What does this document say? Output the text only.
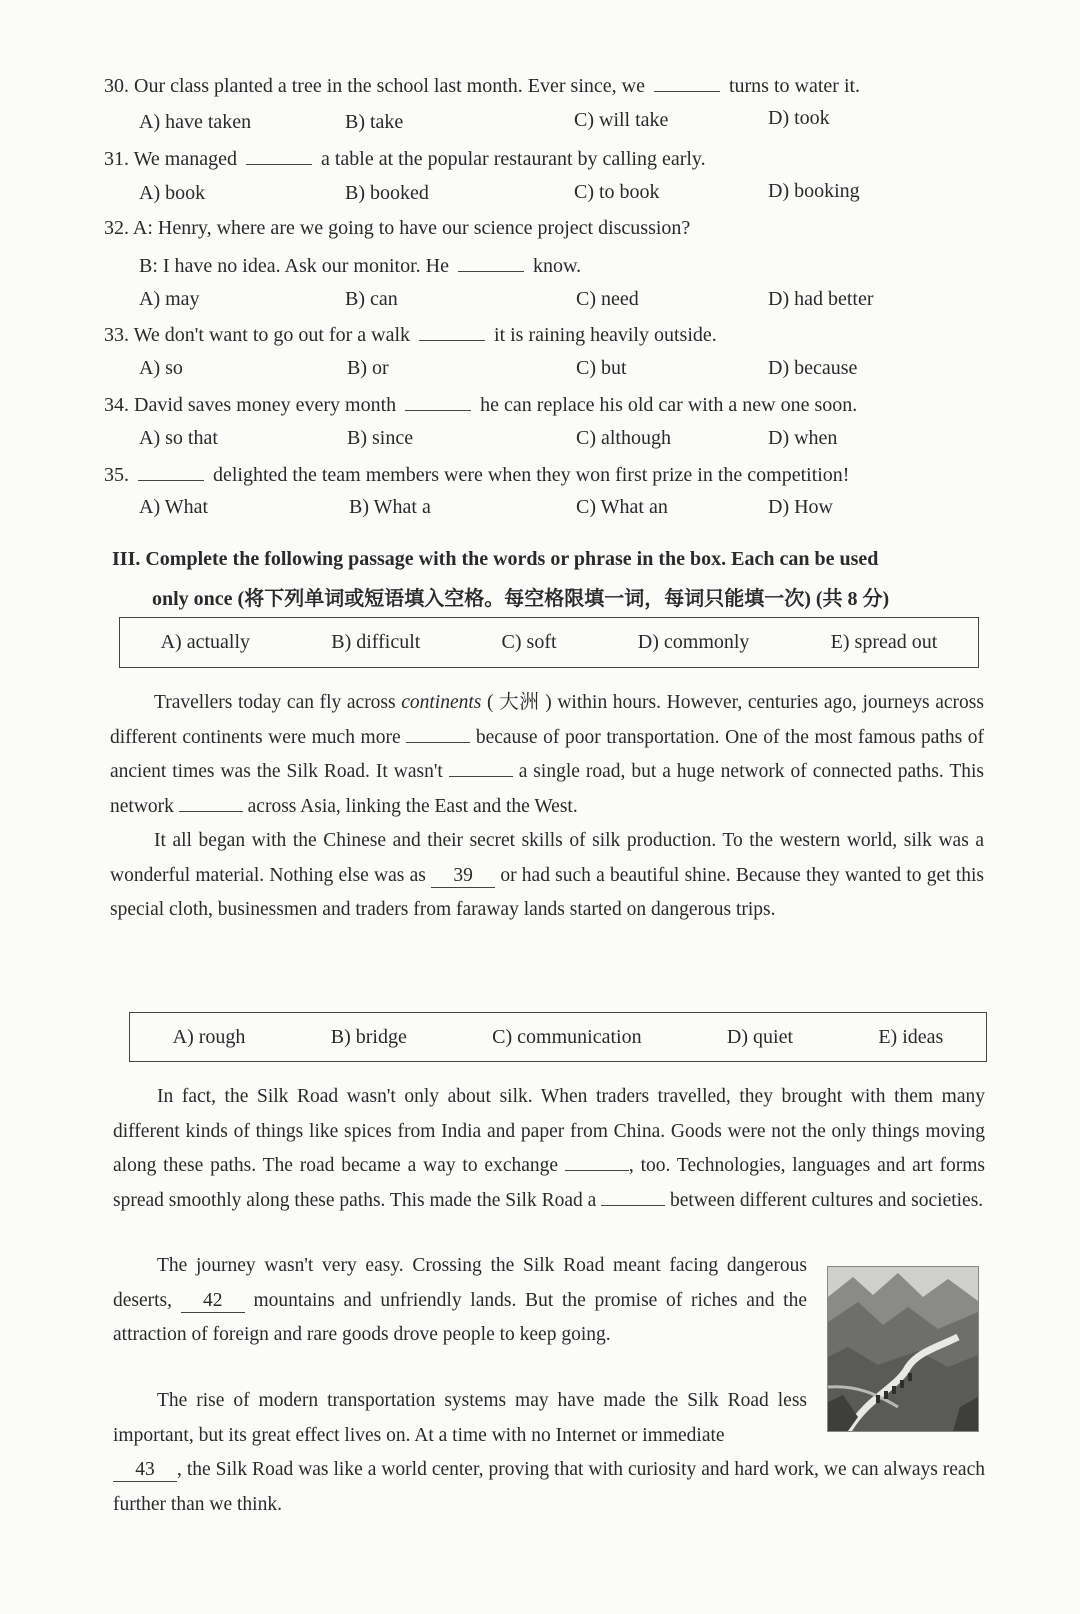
30. Our class planted a tree in the school last month. Ever since, we	turns to water it.
A) have taken	B) take	C) will take	D) took
31. We managed	a table at the popular restaurant by calling early.
A) book	B) booked	C) to book	D) booking
32. A: Henry, where are we going to have our science project discussion?
B: I have no idea. Ask our monitor. He	know.
A) may	B) can	C) need	D) had better
33. We don't want to go out for a walk	it is raining heavily outside.
A) so	B) or	C) but	D) because
34. David saves money every month	he can replace his old car with a new one soon.
A) so that	B) since	C) although	D) when
35.	delighted the team members were when they won first prize in the competition!
A) What	B) What a	C) What an	D) How
III. Complete the following passage with the words or phrase in the box. Each can be used
only once (将下列单词或短语填入空格。每空格限填一词，每词只能填一次) (共 8 分)
A) actually	B) difficult	C) soft	D) commonly	E) spread out

Travellers today can fly across continents ( 大洲 ) within hours. However, centuries ago, journeys across different continents were much more	because of poor transportation. One of the most famous paths of ancient times was the Silk Road. It wasn't	a single road, but a huge network of connected paths. This network	across Asia, linking the East and the West.

It all began with the Chinese and their secret skills of silk production. To the western world, silk was a wonderful material. Nothing else was as 39 or had such a beautiful shine. Because they wanted to get this special cloth, businessmen and traders from faraway lands started on dangerous trips.

A) rough	B) bridge	C) communication	D) quiet	E) ideas

In fact, the Silk Road wasn't only about silk. When traders travelled, they brought with them many different kinds of things like spices from India and paper from China. Goods were not the only things moving along these paths. The road became a way to exchange	, too. Technologies, languages and art forms spread smoothly along these paths. This made the Silk Road a	between different cultures and societies.

The journey wasn't very easy. Crossing the Silk Road meant facing dangerous deserts, 42 mountains and unfriendly lands. But the promise of riches and the attraction of foreign and rare goods drove people to keep going.

The rise of modern transportation systems may have made the Silk Road less important, but its great effect lives on. At a time with no Internet or immediate

43 , the Silk Road was like a world center, proving that with curiosity and hard work, we can always reach further than we think.
